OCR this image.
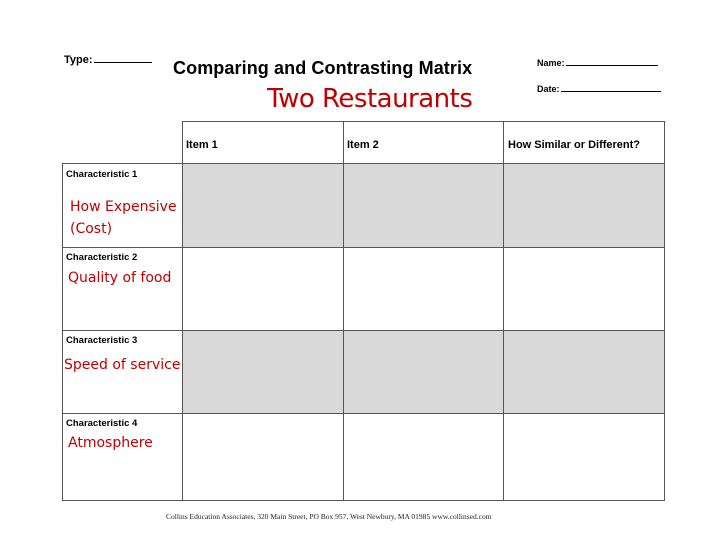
Type:	Comparing and Contrasting Matrix	Name:
Date:
Two Restaurants
Item 1	Item 2	How Similar or Different?
Characteristic 1
How Expensive
(Cost)
Characteristic 2
Quality of food
Characteristic 3
Speed of service
Characteristic 4
Atmosphere
Collins Education Associates, 320 Main Street, PO Box 957, West Newbury, MA 01985 www.collinsed.com
